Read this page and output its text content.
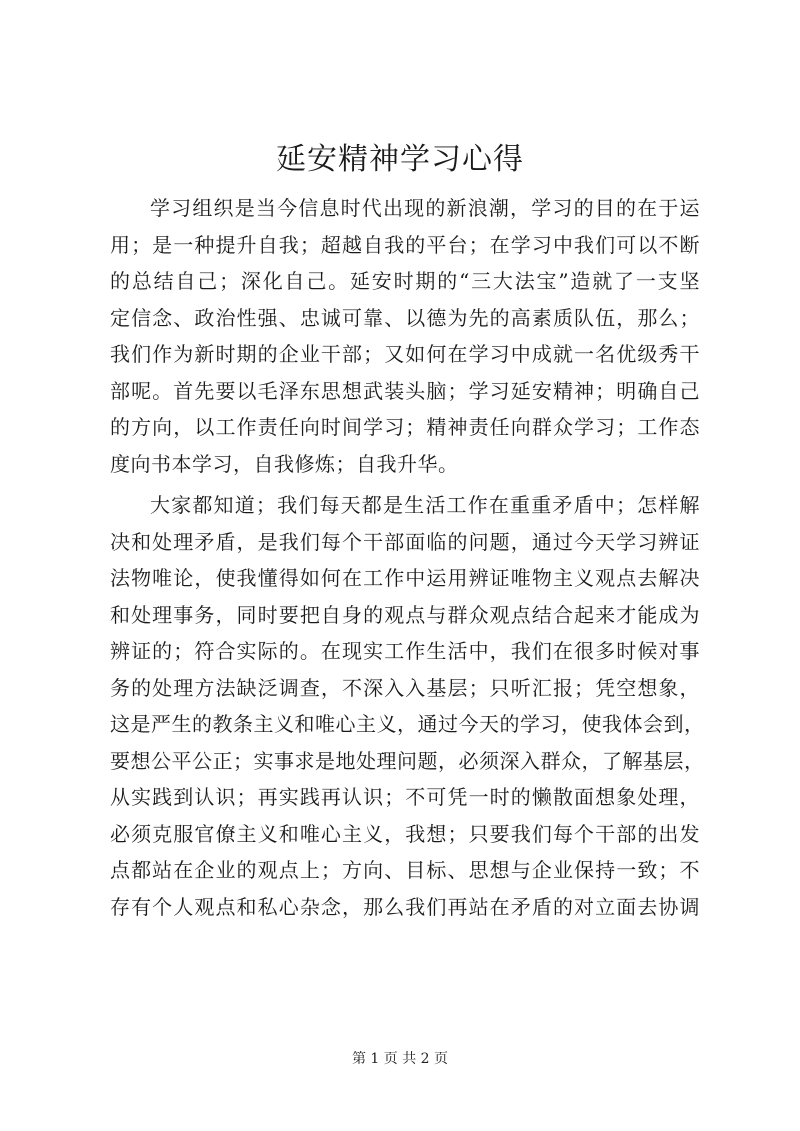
延安精神学习心得

学习组织是当今信息时代出现的新浪潮，学习的目的在于运
用；是一种提升自我；超越自我的平台；在学习中我们可以不断
的总结自己；深化自己。延安时期的“三大法宝”造就了一支坚
定信念、政治性强、忠诚可靠、以德为先的高素质队伍，那么；
我们作为新时期的企业干部；又如何在学习中成就一名优级秀干
部呢。首先要以毛泽东思想武装头脑；学习延安精神；明确自己
的方向，以工作责任向时间学习；精神责任向群众学习；工作态
度向书本学习，自我修炼；自我升华。

大家都知道；我们每天都是生活工作在重重矛盾中；怎样解
决和处理矛盾，是我们每个干部面临的问题，通过今天学习辨证
法物唯论，使我懂得如何在工作中运用辨证唯物主义观点去解决
和处理事务，同时要把自身的观点与群众观点结合起来才能成为
辨证的；符合实际的。在现实工作生活中，我们在很多时候对事
务的处理方法缺泛调查，不深入入基层；只听汇报；凭空想象，
这是严生的教条主义和唯心主义，通过今天的学习，使我体会到，
要想公平公正；实事求是地处理问题，必须深入群众，了解基层，
从实践到认识；再实践再认识；不可凭一时的懒散面想象处理，
必须克服官僚主义和唯心主义，我想；只要我们每个干部的出发
点都站在企业的观点上；方向、目标、思想与企业保持一致；不
存有个人观点和私心杂念，那么我们再站在矛盾的对立面去协调

第 1 页 共 2 页
